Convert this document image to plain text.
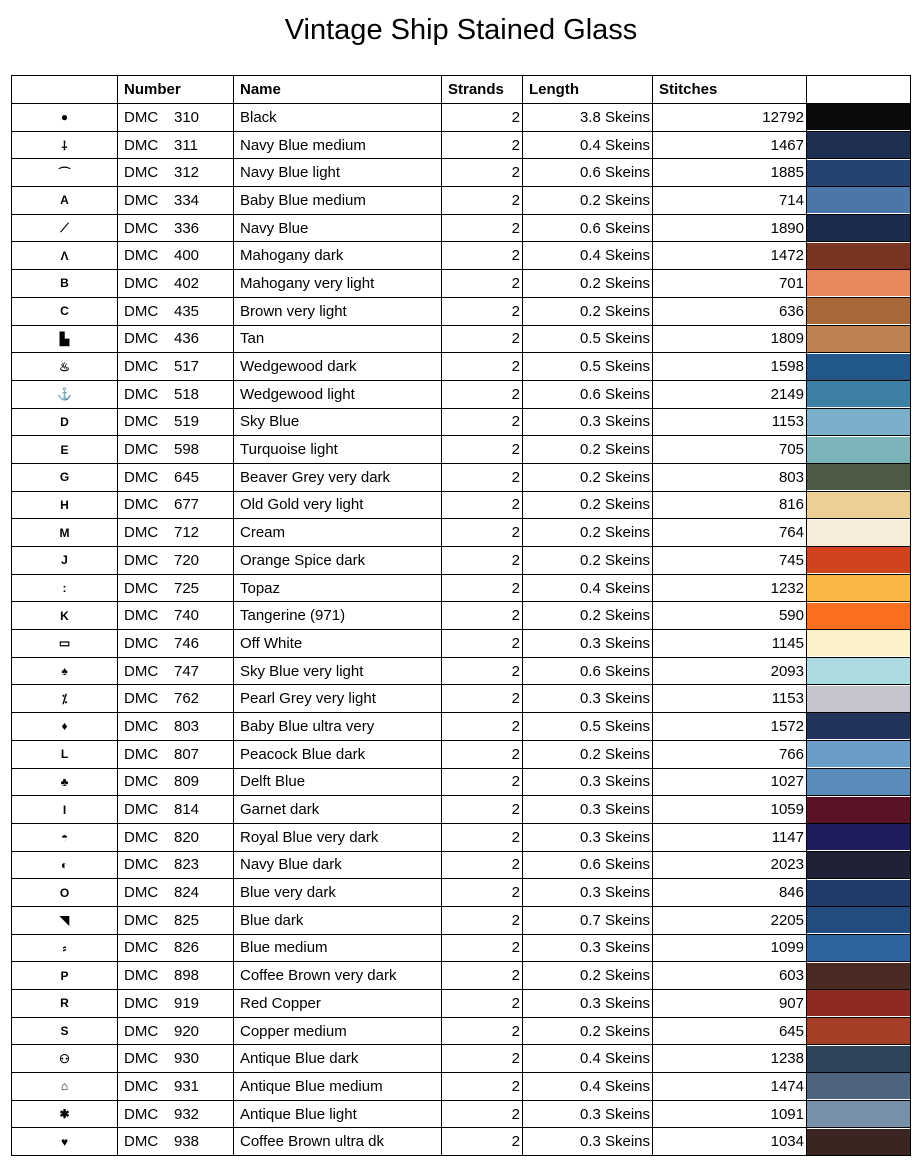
Vintage Ship Stained Glass
	Number	Name	Strands	Length	Stitches	
●	DMC 310	Black	2	3.8 Skeins	12792	

⸸	DMC 311	Navy Blue medium	2	0.4 Skeins	1467	

⌒	DMC 312	Navy Blue light	2	0.6 Skeins	1885	

A	DMC 334	Baby Blue medium	2	0.2 Skeins	714	

⟋	DMC 336	Navy Blue	2	0.6 Skeins	1890	

Λ	DMC 400	Mahogany dark	2	0.4 Skeins	1472	

B	DMC 402	Mahogany very light	2	0.2 Skeins	701	

C	DMC 435	Brown very light	2	0.2 Skeins	636	

▙	DMC 436	Tan	2	0.5 Skeins	1809	

♨	DMC 517	Wedgewood dark	2	0.5 Skeins	1598	

⚓	DMC 518	Wedgewood light	2	0.6 Skeins	2149	

D	DMC 519	Sky Blue	2	0.3 Skeins	1153	

E	DMC 598	Turquoise light	2	0.2 Skeins	705	

G	DMC 645	Beaver Grey very dark	2	0.2 Skeins	803	

H	DMC 677	Old Gold very light	2	0.2 Skeins	816	

M	DMC 712	Cream	2	0.2 Skeins	764	

J	DMC 720	Orange Spice dark	2	0.2 Skeins	745	

:	DMC 725	Topaz	2	0.4 Skeins	1232	

K	DMC 740	Tangerine (971)	2	0.2 Skeins	590	

▭	DMC 746	Off White	2	0.3 Skeins	1145	

♠	DMC 747	Sky Blue very light	2	0.6 Skeins	2093	

⁒	DMC 762	Pearl Grey very light	2	0.3 Skeins	1153	

♦	DMC 803	Baby Blue ultra very	2	0.5 Skeins	1572	

L	DMC 807	Peacock Blue dark	2	0.2 Skeins	766	

♣	DMC 809	Delft Blue	2	0.3 Skeins	1027	

I	DMC 814	Garnet dark	2	0.3 Skeins	1059	

◓	DMC 820	Royal Blue very dark	2	0.3 Skeins	1147	

◐	DMC 823	Navy Blue dark	2	0.6 Skeins	2023	

O	DMC 824	Blue very dark	2	0.3 Skeins	846	

◥	DMC 825	Blue dark	2	0.7 Skeins	2205	

⸗	DMC 826	Blue medium	2	0.3 Skeins	1099	

P	DMC 898	Coffee Brown very dark	2	0.2 Skeins	603	

R	DMC 919	Red Copper	2	0.3 Skeins	907	

S	DMC 920	Copper medium	2	0.2 Skeins	645	

⚇	DMC 930	Antique Blue dark	2	0.4 Skeins	1238	

⌂	DMC 931	Antique Blue medium	2	0.4 Skeins	1474	

✱	DMC 932	Antique Blue light	2	0.3 Skeins	1091	

♥	DMC 938	Coffee Brown ultra dk	2	0.3 Skeins	1034	
